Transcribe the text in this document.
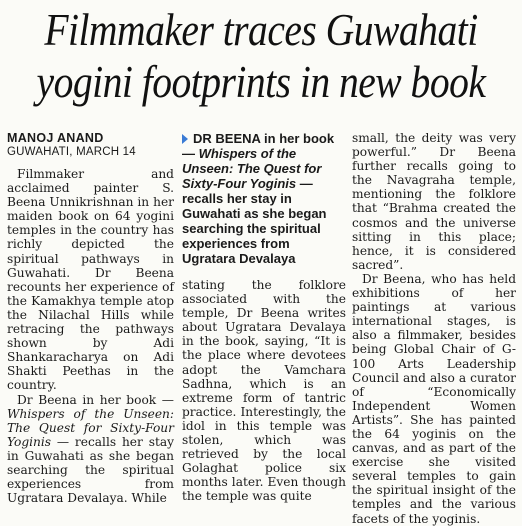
Filmmaker traces Guwahati
yogini footprints in new book

MANOJ ANAND

GUWAHATI, MARCH 14

Filmmaker and acclaimed painter S. Beena Unnikrishnan in her maiden book on 64 yogini temples in the country has richly depicted the spiritual pathways in Guwahati. Dr Beena recounts her experience of the Kamakhya temple atop the Nilachal Hills while retracing the pathways shown by Adi Shankaracharya on Adi Shakti Peethas in the country.

Dr Beena in her book — Whispers of the Unseen: The Quest for Sixty-Four Yoginis — recalls her stay in Guwahati as she began searching the spiritual experiences from Ugratara Devalaya. While

DR BEENA in her book — Whispers of the Unseen: The Quest for Sixty-Four Yoginis — recalls her stay in Guwahati as she began searching the spiritual experiences from Ugratara Devalaya

stating the folklore associated with the temple, Dr Beena writes about Ugratara Devalaya in the book, saying, “It is the place where devotees adopt the Vamchara Sadhna, which is an extreme form of tantric practice. Interestingly, the idol in this temple was stolen, which was retrieved by the local Golaghat police six months later. Even though the temple was quite

small, the deity was very powerful.” Dr Beena further recalls going to the Navagraha temple, mentioning the folklore that “Brahma created the cosmos and the universe sitting in this place; hence, it is considered sacred”.

Dr Beena, who has held exhibitions of her paintings at various international stages, is also a filmmaker, besides being Global Chair of G-100 Arts Leadership Council and also a curator of “Economically Independent Women Artists”. She has painted the 64 yoginis on the canvas, and as part of the exercise she visited several temples to gain the spiritual insight of the temples and the various facets of the yoginis.
